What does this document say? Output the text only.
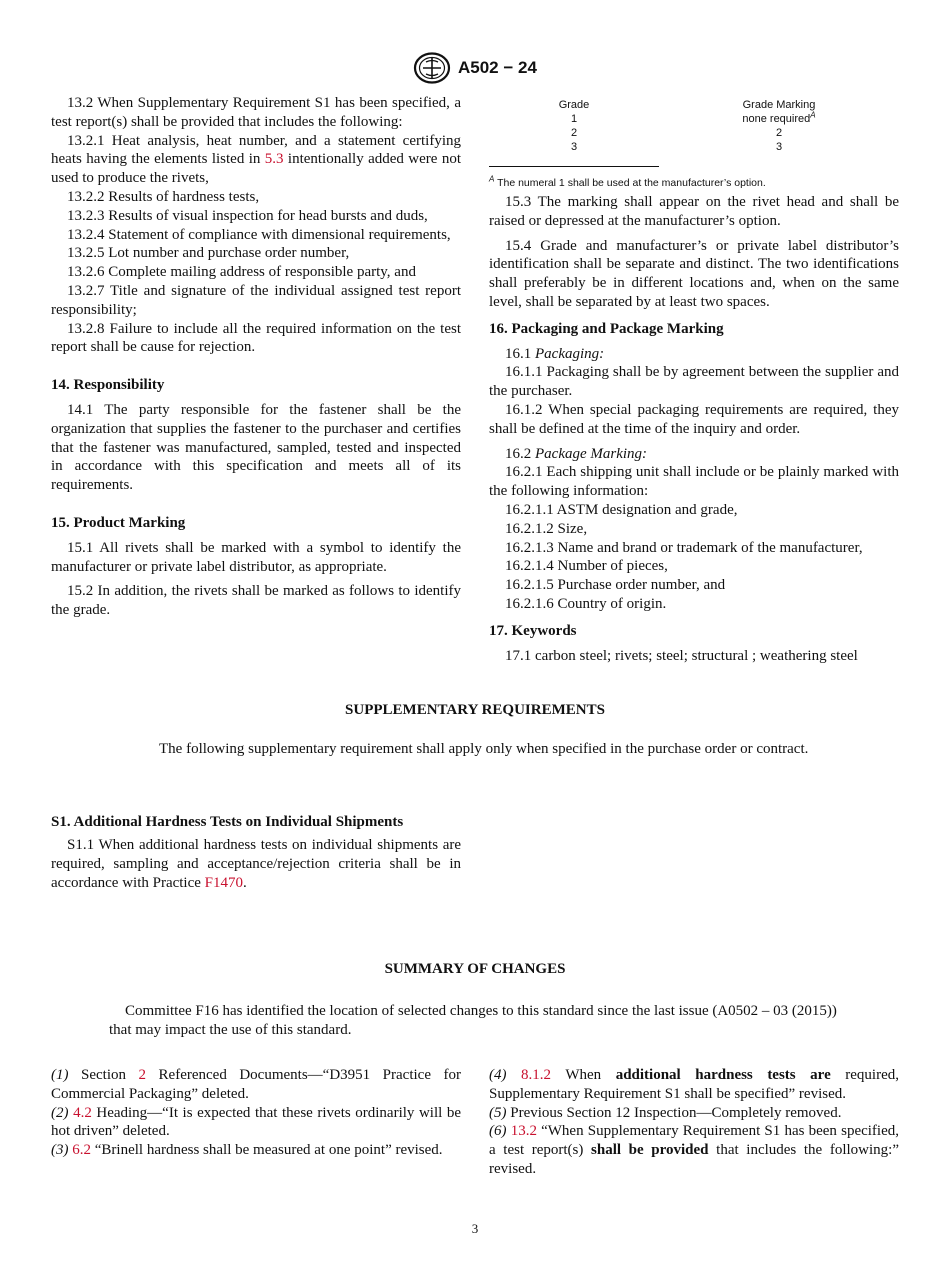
A502 − 24

13.2 When Supplementary Requirement S1 has been specified, a test report(s) shall be provided that includes the following:

13.2.1 Heat analysis, heat number, and a statement certifying heats having the elements listed in 5.3 intentionally added were not used to produce the rivets,

13.2.2 Results of hardness tests,

13.2.3 Results of visual inspection for head bursts and duds,

13.2.4 Statement of compliance with dimensional requirements,

13.2.5 Lot number and purchase order number,

13.2.6 Complete mailing address of responsible party, and

13.2.7 Title and signature of the individual assigned test report responsibility;

13.2.8 Failure to include all the required information on the test report shall be cause for rejection.

14. Responsibility

14.1 The party responsible for the fastener shall be the organization that supplies the fastener to the purchaser and certifies that the fastener was manufactured, sampled, tested and inspected in accordance with this specification and meets all of its requirements.

15. Product Marking

15.1 All rivets shall be marked with a symbol to identify the manufacturer or private label distributor, as appropriate.

15.2 In addition, the rivets shall be marked as follows to identify the grade.

Grade	Grade Marking
1	none required$^A$
2	2
3	3
$^A$ The numeral 1 shall be used at the manufacturer’s option.

15.3 The marking shall appear on the rivet head and shall be raised or depressed at the manufacturer’s option.

15.4 Grade and manufacturer’s or private label distributor’s identification shall be separate and distinct. The two identifications shall preferably be in different locations and, when on the same level, shall be separated by at least two spaces.

16. Packaging and Package Marking

16.1 Packaging:

16.1.1 Packaging shall be by agreement between the supplier and the purchaser.

16.1.2 When special packaging requirements are required, they shall be defined at the time of the inquiry and order.

16.2 Package Marking:

16.2.1 Each shipping unit shall include or be plainly marked with the following information:

16.2.1.1 ASTM designation and grade,

16.2.1.2 Size,

16.2.1.3 Name and brand or trademark of the manufacturer,

16.2.1.4 Number of pieces,

16.2.1.5 Purchase order number, and

16.2.1.6 Country of origin.

17. Keywords

17.1 carbon steel; rivets; steel; structural ; weathering steel

SUPPLEMENTARY REQUIREMENTS
The following supplementary requirement shall apply only when specified in the purchase order or contract.
S1. Additional Hardness Tests on Individual Shipments
S1.1 When additional hardness tests on individual shipments are required, sampling and acceptance/rejection criteria shall be in accordance with Practice F1470.
SUMMARY OF CHANGES
Committee F16 has identified the location of selected changes to this standard since the last issue (A0502 – 03 (2015)) that may impact the use of this standard.

(1) Section 2 Referenced Documents—“D3951 Practice for Commercial Packaging” deleted.

(2) 4.2 Heading—“It is expected that these rivets ordinarily will be hot driven” deleted.

(3) 6.2 “Brinell hardness shall be measured at one point” revised.

(4) 8.1.2 When additional hardness tests are required, Supplementary Requirement S1 shall be specified” revised.

(5) Previous Section 12 Inspection—Completely removed.

(6) 13.2 “When Supplementary Requirement S1 has been specified, a test report(s) shall be provided that includes the following:” revised.

3
